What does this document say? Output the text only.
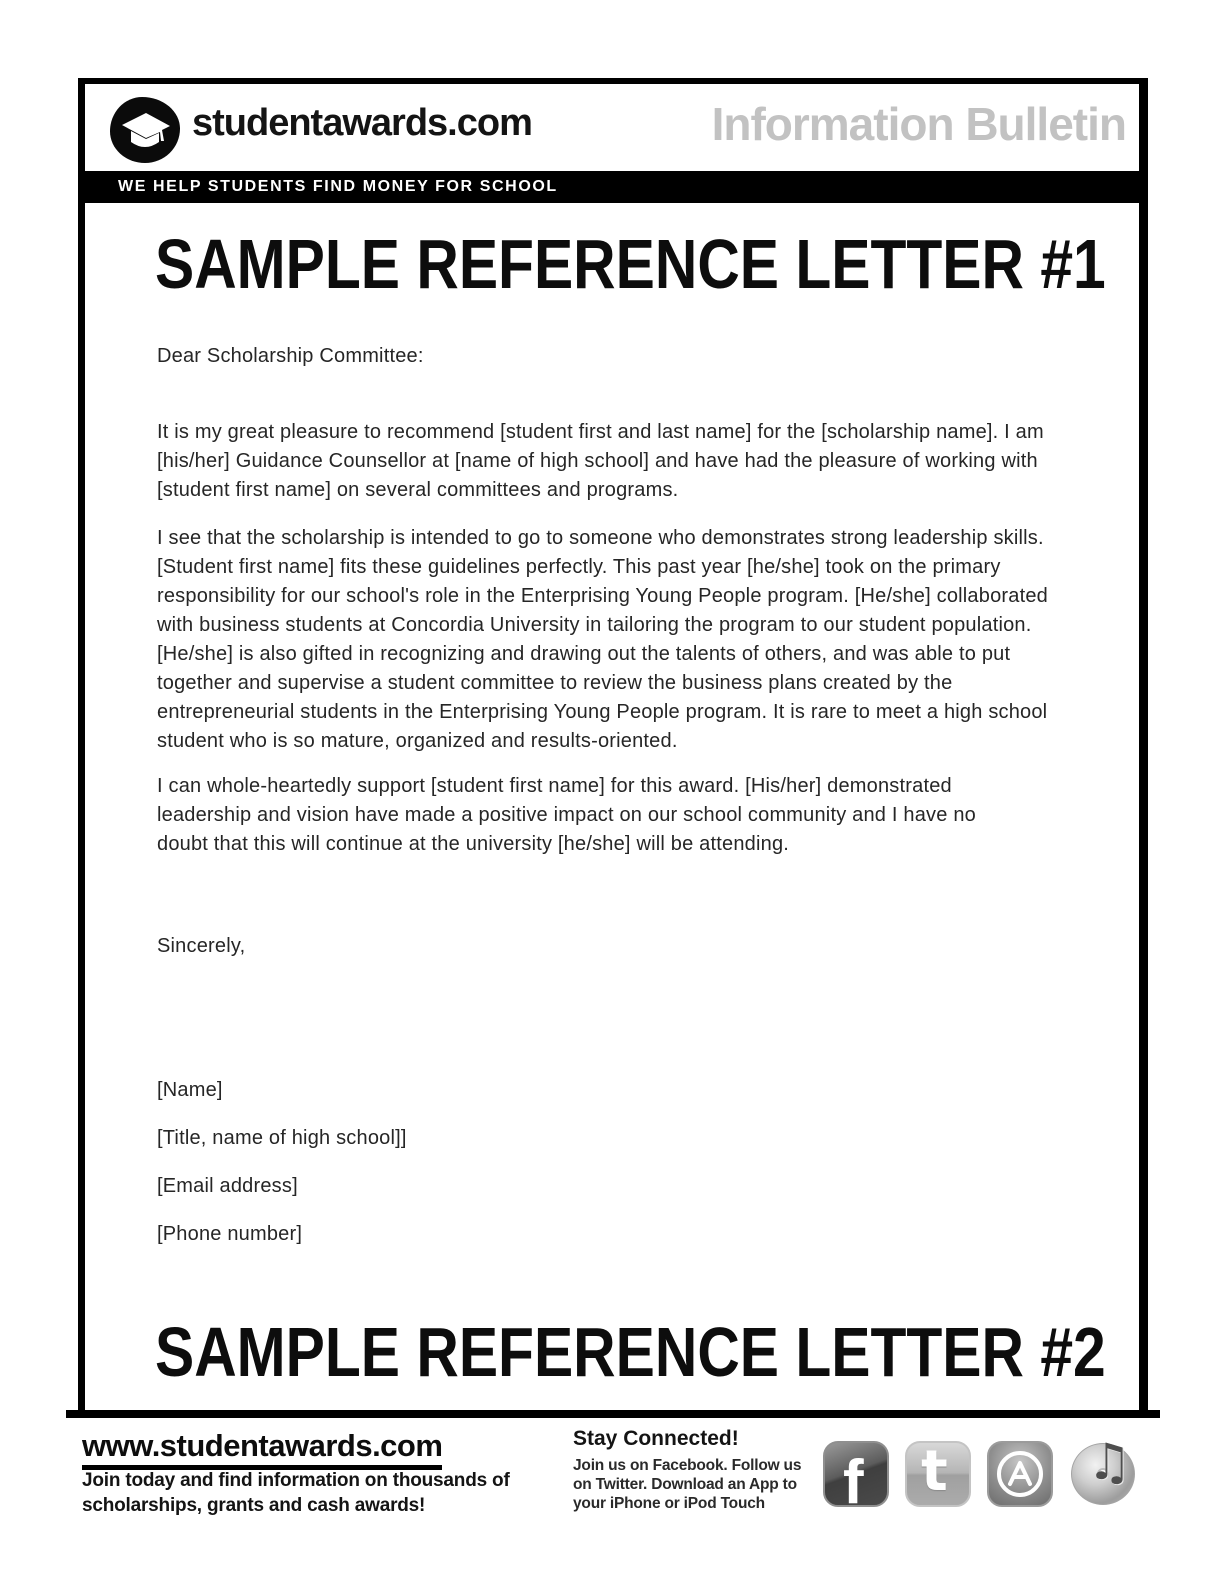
studentawards.com	Information Bulletin
WE HELP STUDENTS FIND MONEY FOR SCHOOL
SAMPLE REFERENCE LETTER #1
Dear Scholarship Committee:
It is my great pleasure to recommend [student first and last name] for the [scholarship name]. I am [his/her] Guidance Counsellor at [name of high school] and have had the pleasure of working with [student first name] on several committees and programs.
I see that the scholarship is intended to go to someone who demonstrates strong leadership skills. [Student first name] fits these guidelines perfectly. This past year [he/she] took on the primary responsibility for our school's role in the Enterprising Young People program. [He/she] collaborated with business students at Concordia University in tailoring the program to our student population. [He/she] is also gifted in recognizing and drawing out the talents of others, and was able to put together and supervise a student committee to review the business plans created by the entrepreneurial students in the Enterprising Young People program. It is rare to meet a high school student who is so mature, organized and results-oriented.
I can whole-heartedly support [student first name] for this award. [His/her] demonstrated leadership and vision have made a positive impact on our school community and I have no doubt that this will continue at the university [he/she] will be attending.
Sincerely,
[Name]
[Title, name of high school]]
[Email address]
[Phone number]
SAMPLE REFERENCE LETTER #2
www.studentawards.com
Join today and find information on thousands of scholarships, grants and cash awards!
Stay Connected!
Join us on Facebook. Follow us on Twitter. Download an App to your iPhone or iPod Touch	f t	♫
